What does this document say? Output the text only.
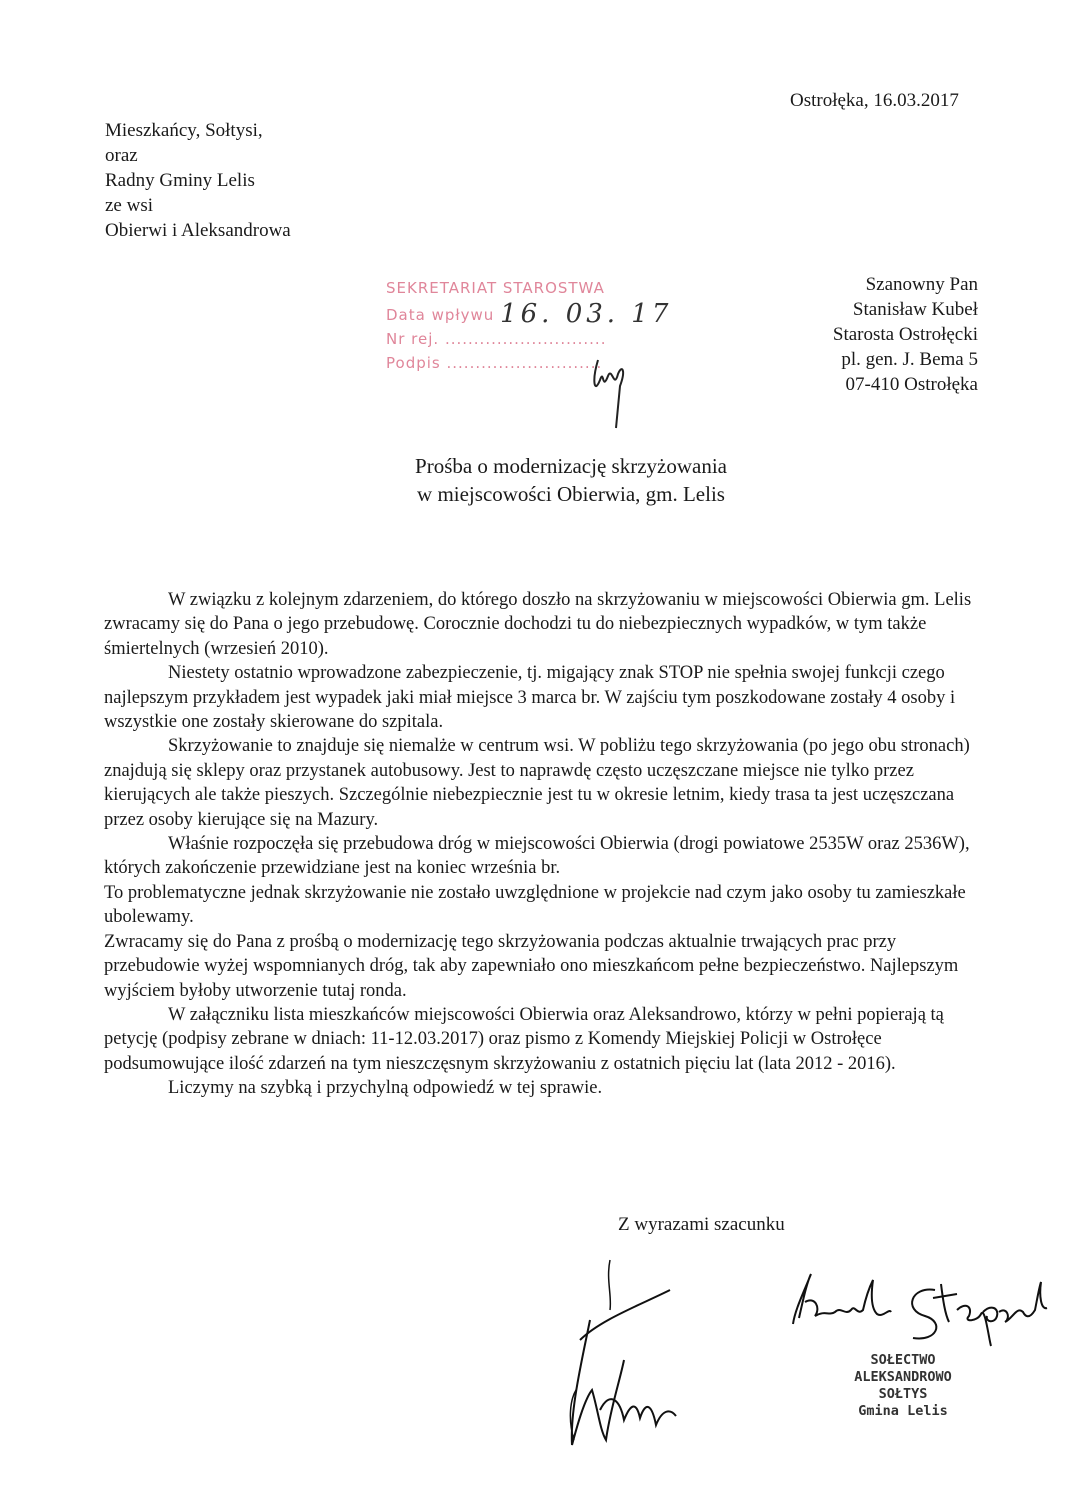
Ostrołęka, 16.03.2017
Mieszkańcy, Sołtysi,
oraz
Radny Gminy Lelis
ze wsi
Obierwi i Aleksandrowa
SEKRETARIAT STAROSTWA
Data wpływu 16. 03. 17
Nr rej. ............................
Podpis ...........................
Szanowny Pan
Stanisław Kubeł
Starosta Ostrołęcki
pl. gen. J. Bema 5
07-410 Ostrołęka
Prośba o modernizację skrzyżowania
w miejscowości Obierwia, gm. Lelis

W związku z kolejnym zdarzeniem, do którego doszło na skrzyżowaniu w miejscowości Obierwia gm. Lelis zwracamy się do Pana o jego przebudowę. Corocznie dochodzi tu do niebezpiecznych wypadków, w tym także śmiertelnych (wrzesień 2010).

Niestety ostatnio wprowadzone zabezpieczenie, tj. migający znak STOP nie spełnia swojej funkcji czego najlepszym przykładem jest wypadek jaki miał miejsce 3 marca br. W zajściu tym poszkodowane zostały 4 osoby i wszystkie one zostały skierowane do szpitala.

Skrzyżowanie to znajduje się niemalże w centrum wsi. W pobliżu tego skrzyżowania (po jego obu stronach) znajdują się sklepy oraz przystanek autobusowy. Jest to naprawdę często uczęszczane miejsce nie tylko przez kierujących ale także pieszych. Szczególnie niebezpiecznie jest tu w okresie letnim, kiedy trasa ta jest uczęszczana przez osoby kierujące się na Mazury.

Właśnie rozpoczęła się przebudowa dróg w miejscowości Obierwia (drogi powiatowe 2535W oraz 2536W), których zakończenie przewidziane jest na koniec września br.

To problematyczne jednak skrzyżowanie nie zostało uwzględnione w projekcie nad czym jako osoby tu zamieszkałe ubolewamy.

Zwracamy się do Pana z prośbą o modernizację tego skrzyżowania podczas aktualnie trwających prac przy przebudowie wyżej wspomnianych dróg, tak aby zapewniało ono mieszkańcom pełne bezpieczeństwo. Najlepszym wyjściem byłoby utworzenie tutaj ronda.

W załączniku lista mieszkańców miejscowości Obierwia oraz Aleksandrowo, którzy w pełni popierają tą petycję (podpisy zebrane w dniach: 11-12.03.2017) oraz pismo z Komendy Miejskiej Policji w Ostrołęce podsumowujące ilość zdarzeń na tym nieszczęsnym skrzyżowaniu z ostatnich pięciu lat (lata 2012 - 2016).

Liczymy na szybką i przychylną odpowiedź w tej sprawie.

Z wyrazami szacunku
SOŁECTWO
ALEKSANDROWO
SOŁTYS
Gmina Lelis
